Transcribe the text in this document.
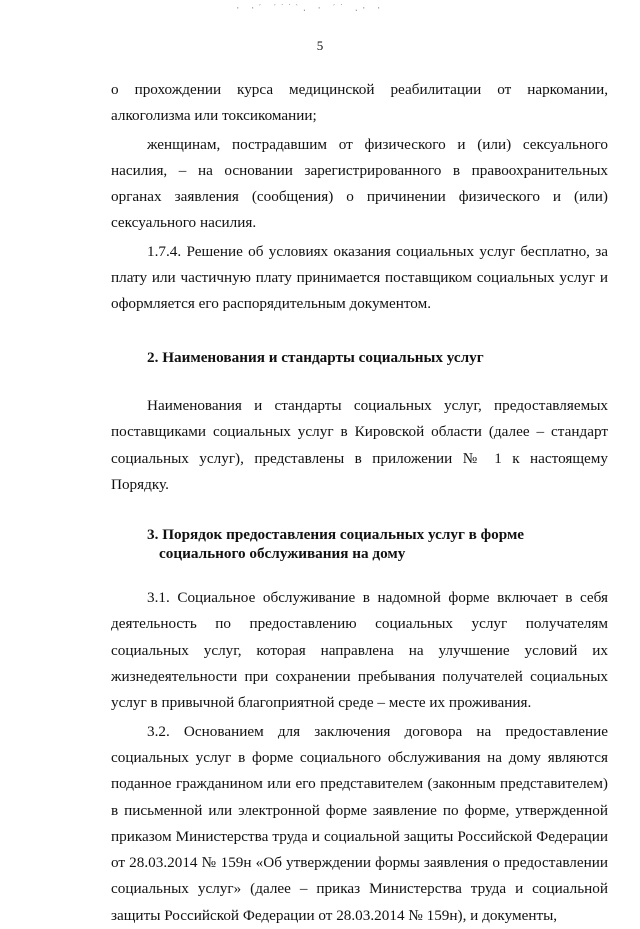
· ·ˊ ˊ˙˙ˋ. · ˊ˙ .· ·
5

о прохождении курса медицинской реабилитации от наркомании, алкоголизма или токсикомании;

женщинам, пострадавшим от физического и (или) сексуального насилия, – на основании зарегистрированного в правоохранительных органах заявления (сообщения) о причинении физического и (или) сексуального насилия.

1.7.4. Решение об условиях оказания социальных услуг бесплатно, за плату или частичную плату принимается поставщиком социальных услуг и оформляется его распорядительным документом.

2. Наименования и стандарты социальных услуг

Наименования и стандарты социальных услуг, предоставляемых поставщиками социальных услуг в Кировской области (далее – стандарт социальных услуг), представлены в приложении № 1 к настоящему Порядку.

3. Порядок предоставления социальных услуг в форме социального обслуживания на дому

3.1. Социальное обслуживание в надомной форме включает в себя деятельность по предоставлению социальных услуг получателям социальных услуг, которая направлена на улучшение условий их жизнедеятельности при сохранении пребывания получателей социальных услуг в привычной благоприятной среде – месте их проживания.

3.2. Основанием для заключения договора на предоставление социальных услуг в форме социального обслуживания на дому являются поданное гражданином или его представителем (законным представителем) в письменной или электронной форме заявление по форме, утвержденной приказом Министерства труда и социальной защиты Российской Федерации от 28.03.2014 № 159н «Об утверждении формы заявления о предоставлении социальных услуг» (далее – приказ Министерства труда и социальной защиты Российской Федерации от 28.03.2014 № 159н), и документы,
